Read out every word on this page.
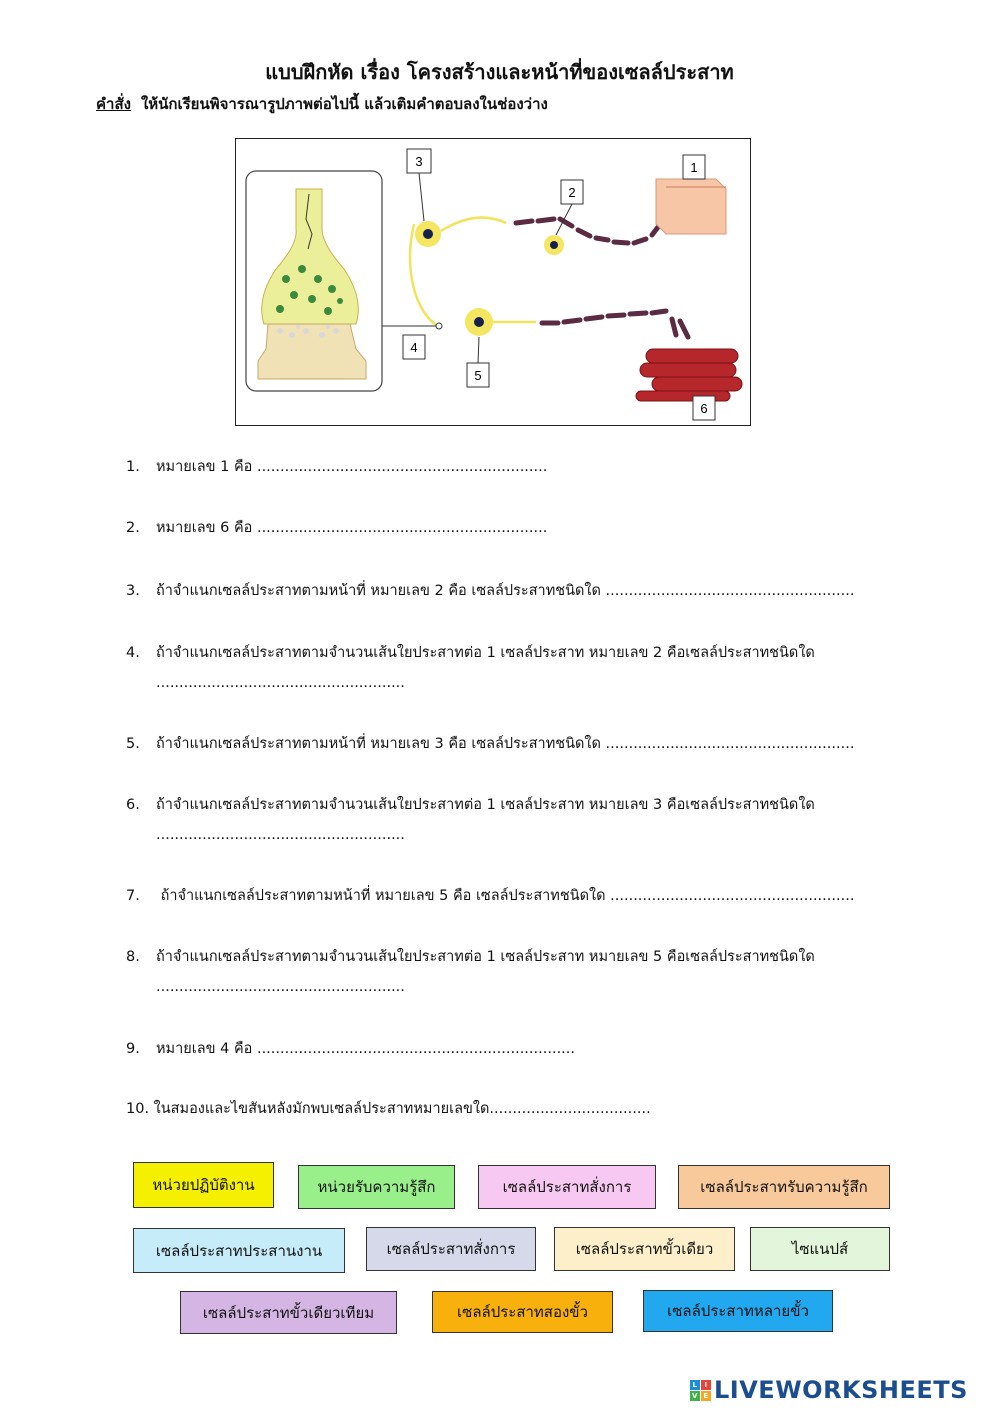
แบบฝึกหัด เรื่อง โครงสร้างและหน้าที่ของเซลล์ประสาท
คำสั่ง ให้นักเรียนพิจารณารูปภาพต่อไปนี้ แล้วเติมคำตอบลงในช่องว่าง
3
2
1
4
5
6
1. หมายเลข 1 คือ ...............................................................
2. หมายเลข 6 คือ ...............................................................
3. ถ้าจำแนกเซลล์ประสาทตามหน้าที่ หมายเลข 2 คือ เซลล์ประสาทชนิดใด ......................................................
4. ถ้าจำแนกเซลล์ประสาทตามจำนวนเส้นใยประสาทต่อ 1 เซลล์ประสาท หมายเลข 2 คือเซลล์ประสาทชนิดใด
......................................................
5. ถ้าจำแนกเซลล์ประสาทตามหน้าที่ หมายเลข 3 คือ เซลล์ประสาทชนิดใด ......................................................
6. ถ้าจำแนกเซลล์ประสาทตามจำนวนเส้นใยประสาทต่อ 1 เซลล์ประสาท หมายเลข 3 คือเซลล์ประสาทชนิดใด
......................................................
7. ถ้าจำแนกเซลล์ประสาทตามหน้าที่ หมายเลข 5 คือ เซลล์ประสาทชนิดใด .....................................................
8. ถ้าจำแนกเซลล์ประสาทตามจำนวนเส้นใยประสาทต่อ 1 เซลล์ประสาท หมายเลข 5 คือเซลล์ประสาทชนิดใด
......................................................
9. หมายเลข 4 คือ .....................................................................
10. ในสมองและไขสันหลังมักพบเซลล์ประสาทหมายเลขใด...................................
หน่วยปฏิบัติงาน	หน่วยรับความรู้สึก	เซลล์ประสาทสั่งการ	เซลล์ประสาทรับความรู้สึก
เซลล์ประสาทประสานงาน	เซลล์ประสาทสั่งการ	เซลล์ประสาทขั้วเดียว	ไซแนปส์
เซลล์ประสาทขั้วเดียวเทียม	เซลล์ประสาทสองขั้ว	เซลล์ประสาทหลายขั้ว
L I
V E LIVEWORKSHEETS
